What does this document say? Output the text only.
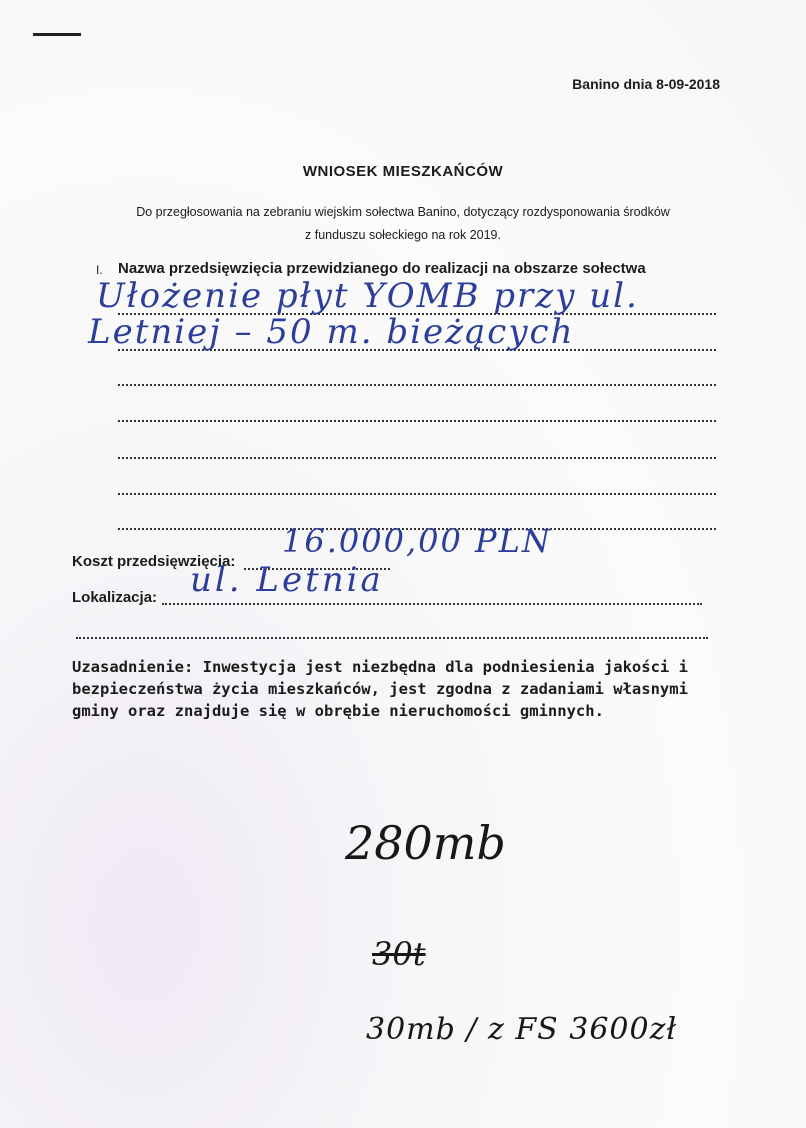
Banino dnia 8-09-2018
WNIOSEK MIESZKAŃCÓW
Do przegłosowania na zebraniu wiejskim sołectwa Banino, dotyczący rozdysponowania środków
z funduszu sołeckiego na rok 2019.
I. Nazwa przedsięwzięcia przewidzianego do realizacji na obszarze sołectwa
Ułożenie płyt YOMB przy ul.
Letniej – 50 m. bieżących
Koszt przedsięwzięcia:
16.000,00 PLN
Lokalizacja: ul. Letnia
Uzasadnienie: Inwestycja jest niezbędna dla podniesienia jakości i bezpieczeństwa życia mieszkańców, jest zgodna z zadaniami własnymi gminy oraz znajduje się w obrębie nieruchomości gminnych.
280mb
30t
30mb / z FS 3600zł
